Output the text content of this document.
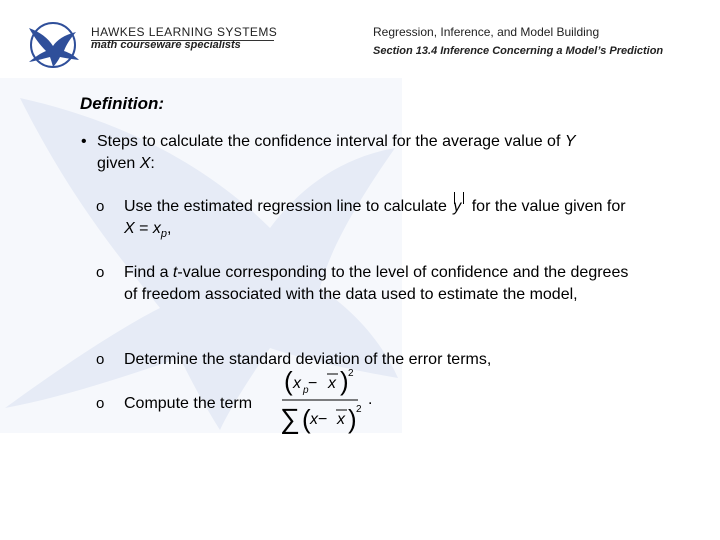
HAWKES LEARNING SYSTEMS
math courseware specialists
Regression, Inference, and Model Building
Section 13.4 Inference Concerning a Model’s Prediction
Definition:
• Steps to calculate the confidence interval for the average value of Y
given X:
o Use the estimated regression line to calculate
y for the value given for $X = x_p$,
o Find a t-value corresponding to the level of confidence and the degrees of freedom associated with the data used to estimate the model,
o Determine the standard deviation of the error terms,
o Compute the term
( x p − x ) 2
∑ ( x − x ) 2
.
